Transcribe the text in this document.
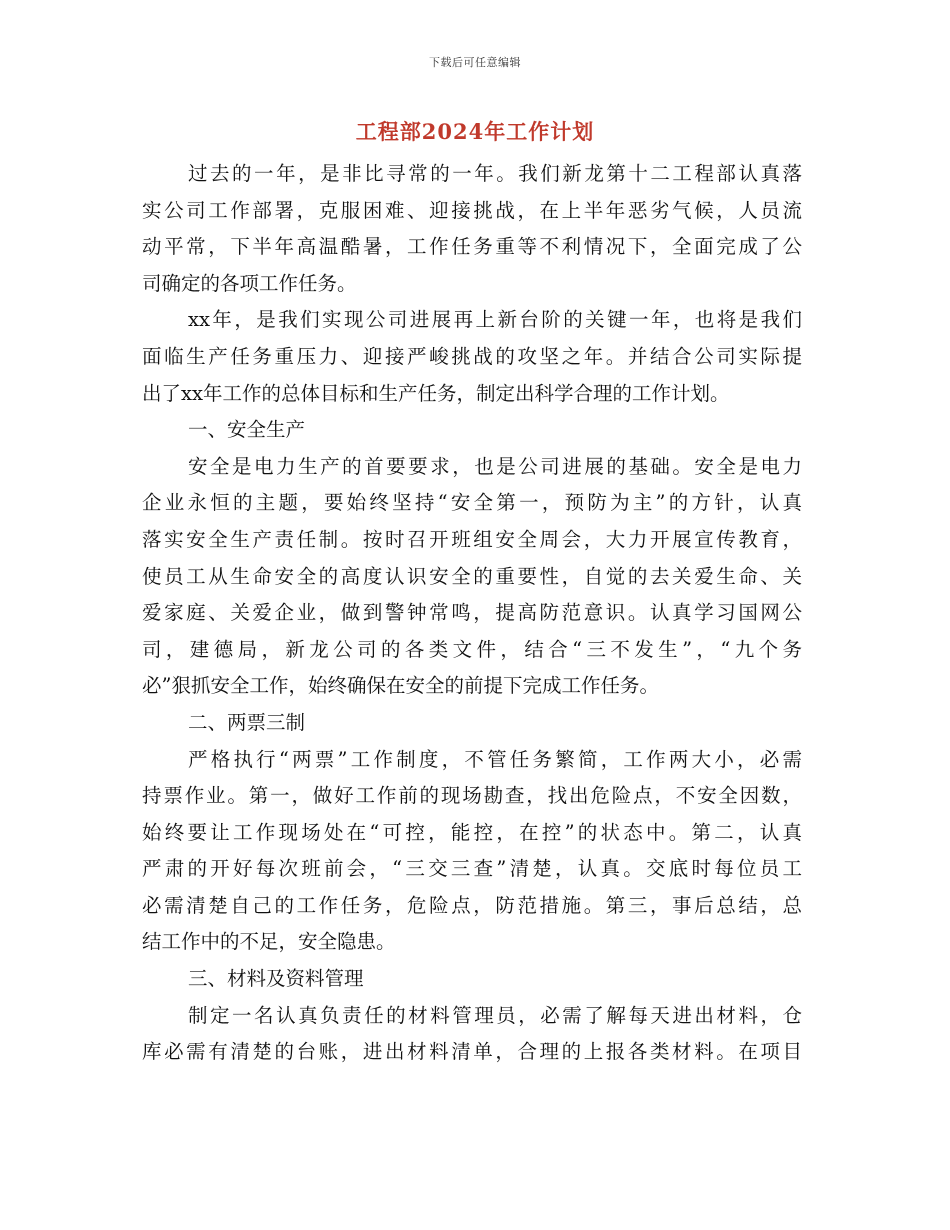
下载后可任意编辑
工程部2024年工作计划
过去的一年，是非比寻常的一年。我们新龙第十二工程部认真落
实公司工作部署，克服困难、迎接挑战，在上半年恶劣气候，人员流
动平常，下半年高温酷暑，工作任务重等不利情况下，全面完成了公
司确定的各项工作任务。
xx年，是我们实现公司进展再上新台阶的关键一年，也将是我们
面临生产任务重压力、迎接严峻挑战的攻坚之年。并结合公司实际提
出了xx年工作的总体目标和生产任务，制定出科学合理的工作计划。
一、安全生产
安全是电力生产的首要要求，也是公司进展的基础。安全是电力
企业永恒的主题，要始终坚持“安全第一，预防为主”的方针，认真
落实安全生产责任制。按时召开班组安全周会，大力开展宣传教育，
使员工从生命安全的高度认识安全的重要性，自觉的去关爱生命、关
爱家庭、关爱企业，做到警钟常鸣，提高防范意识。认真学习国网公
司，建德局，新龙公司的各类文件，结合“三不发生”，“九个务
必”狠抓安全工作，始终确保在安全的前提下完成工作任务。
二、两票三制
严格执行“两票”工作制度，不管任务繁简，工作两大小，必需
持票作业。第一，做好工作前的现场勘查，找出危险点，不安全因数，
始终要让工作现场处在“可控，能控，在控”的状态中。第二，认真
严肃的开好每次班前会，“三交三查”清楚，认真。交底时每位员工
必需清楚自己的工作任务，危险点，防范措施。第三，事后总结，总
结工作中的不足，安全隐患。
三、材料及资料管理
制定一名认真负责任的材料管理员，必需了解每天进出材料，仓
库必需有清楚的台账，进出材料清单，合理的上报各类材料。在项目
